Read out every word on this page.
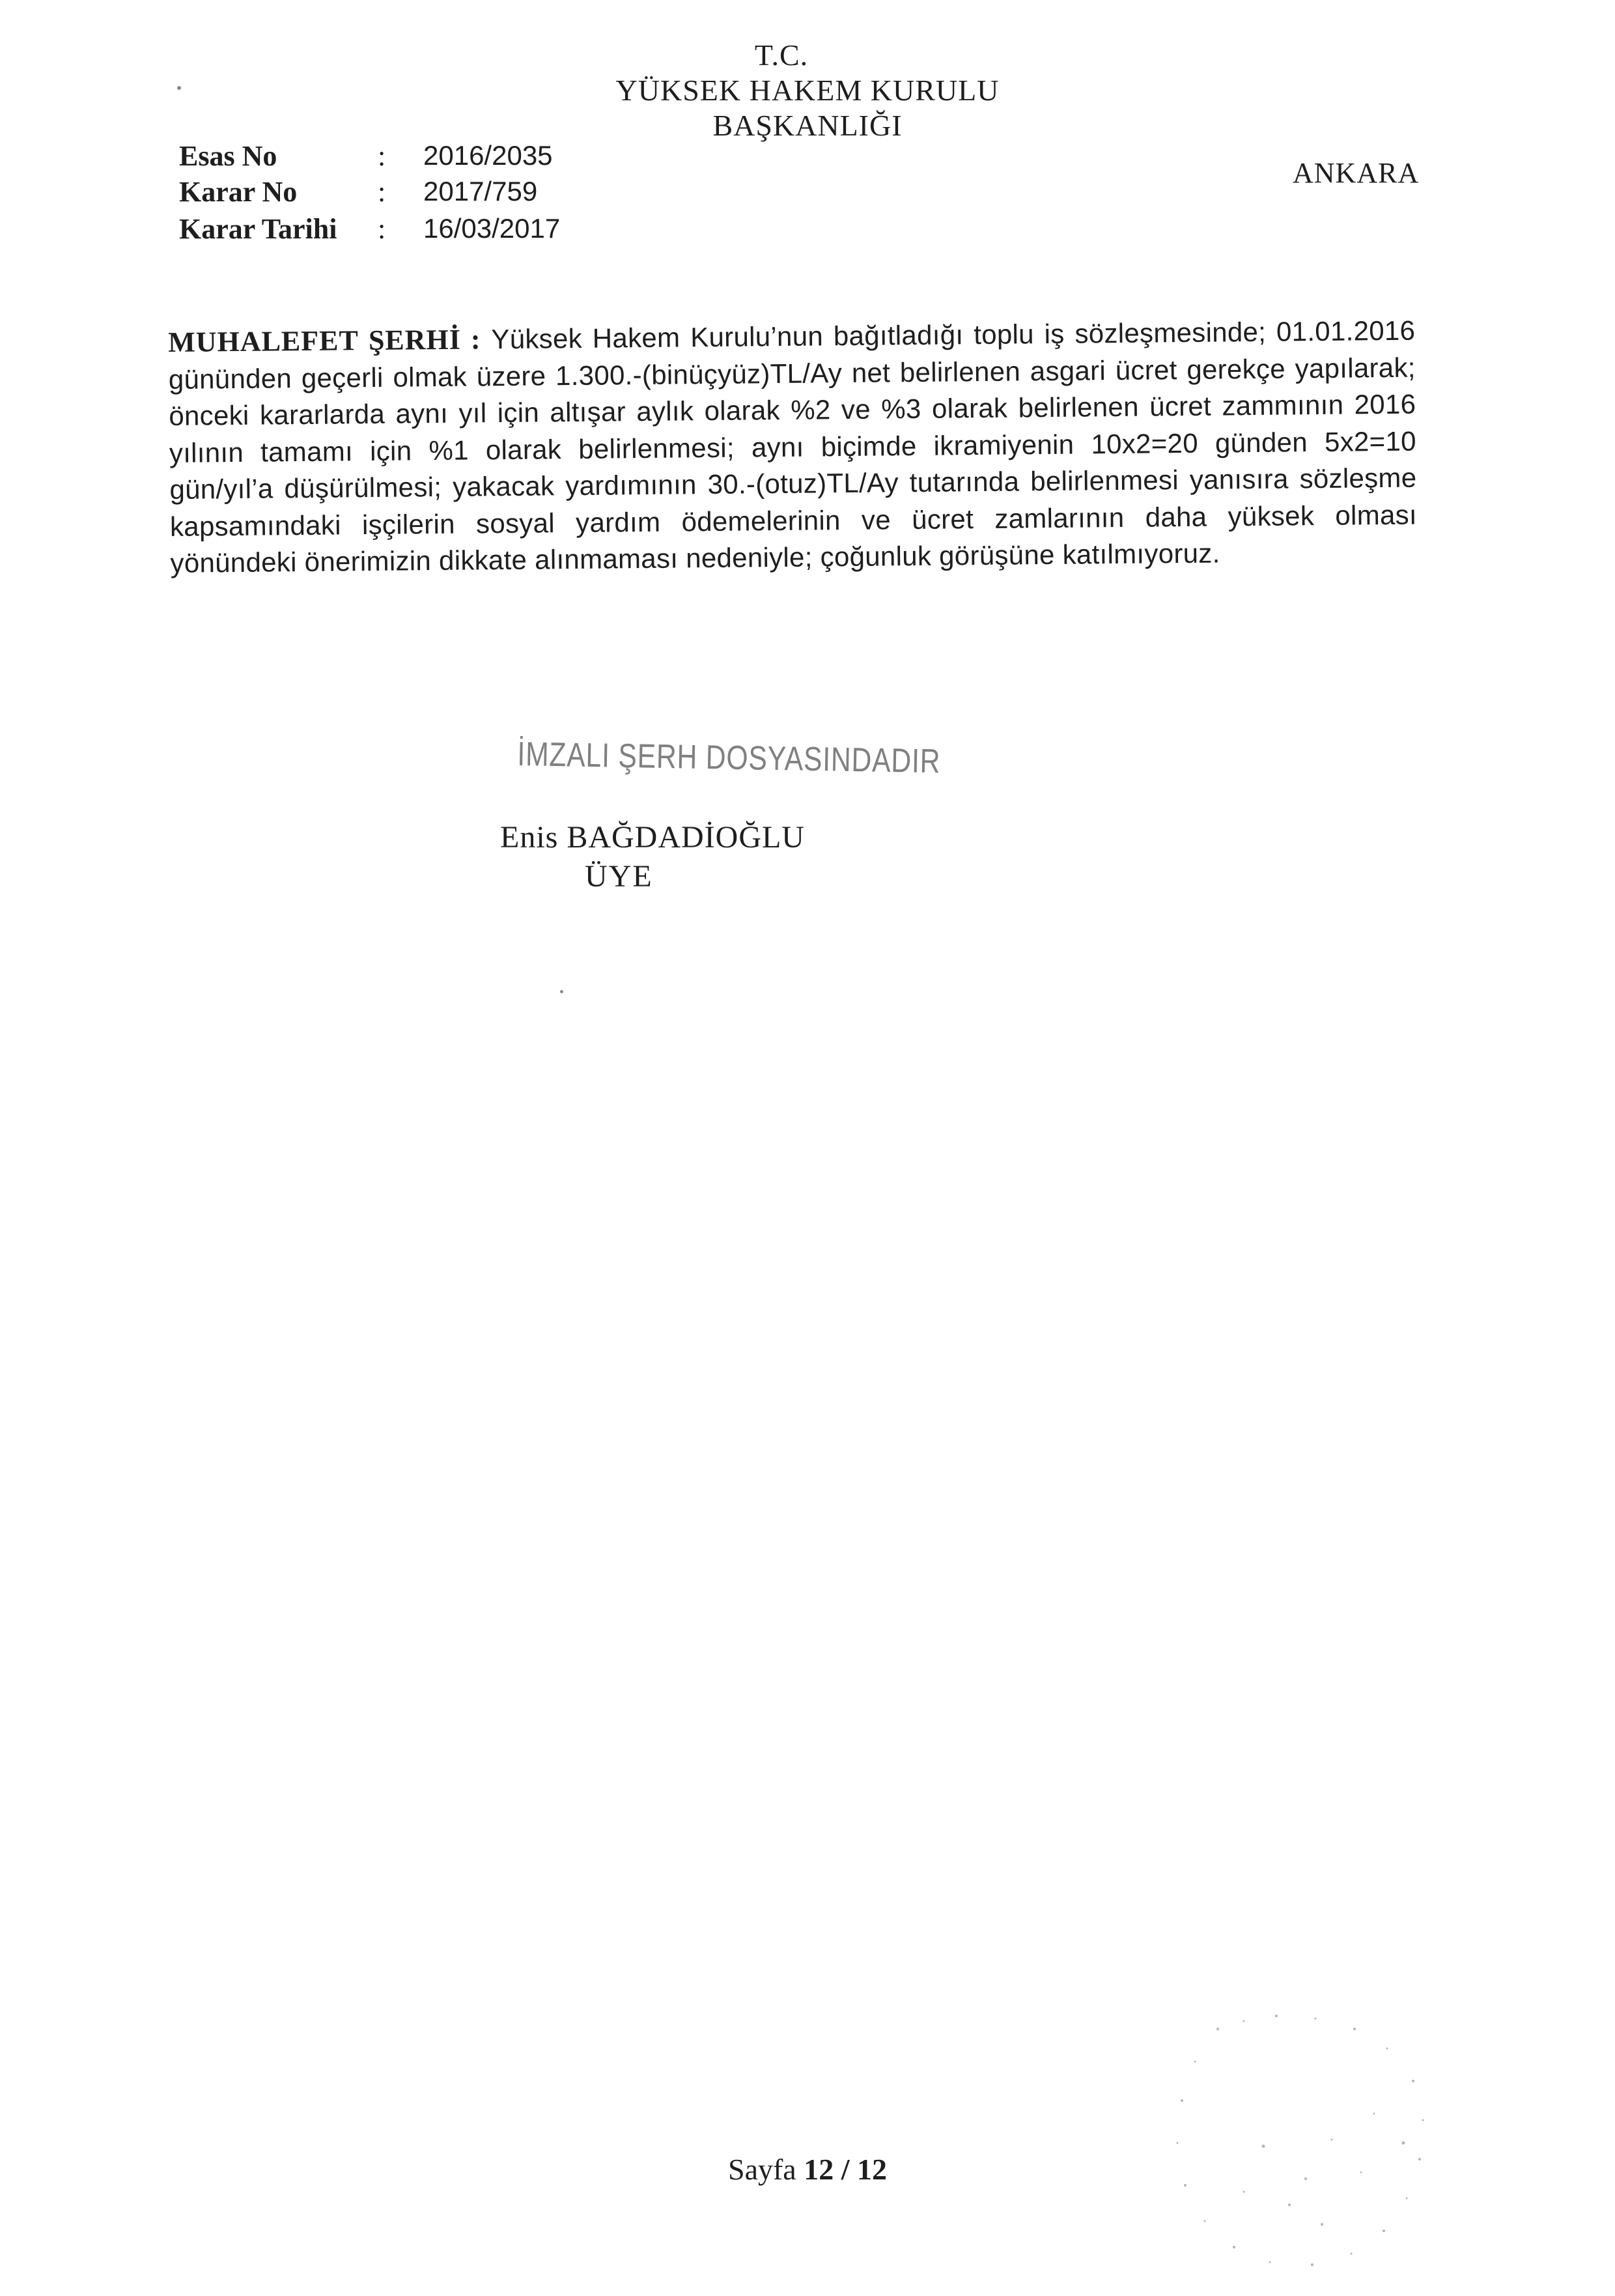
T.C.
YÜKSEK HAKEM KURULU
BAŞKANLIĞI
Esas No	: 2016/2035
Karar No	: 2017/759
Karar Tarihi : 16/03/2017
ANKARA
MUHALEFET ŞERHİ : Yüksek Hakem Kurulu’nun bağıtladığı toplu iş sözleşmesinde; 01.01.2016 gününden geçerli olmak üzere 1.300.-(binüçyüz)TL/Ay net belirlenen asgari ücret gerekçe yapılarak; önceki kararlarda aynı yıl için altışar aylık olarak %2 ve %3 olarak belirlenen ücret zammının 2016 yılının tamamı için %1 olarak belirlenmesi; aynı biçimde ikramiyenin 10x2=20 günden 5x2=10 gün/yıl’a düşürülmesi; yakacak yardımının 30.-(otuz)TL/Ay tutarında belirlenmesi yanısıra sözleşme kapsamındaki işçilerin sosyal yardım ödemelerinin ve ücret zamlarının daha yüksek olması yönündeki önerimizin dikkate alınmaması nedeniyle; çoğunluk görüşüne katılmıyoruz.
İMZALI ŞERH DOSYASINDADIR
Enis BAĞDADİOĞLU
ÜYE
Sayfa 12 / 12
